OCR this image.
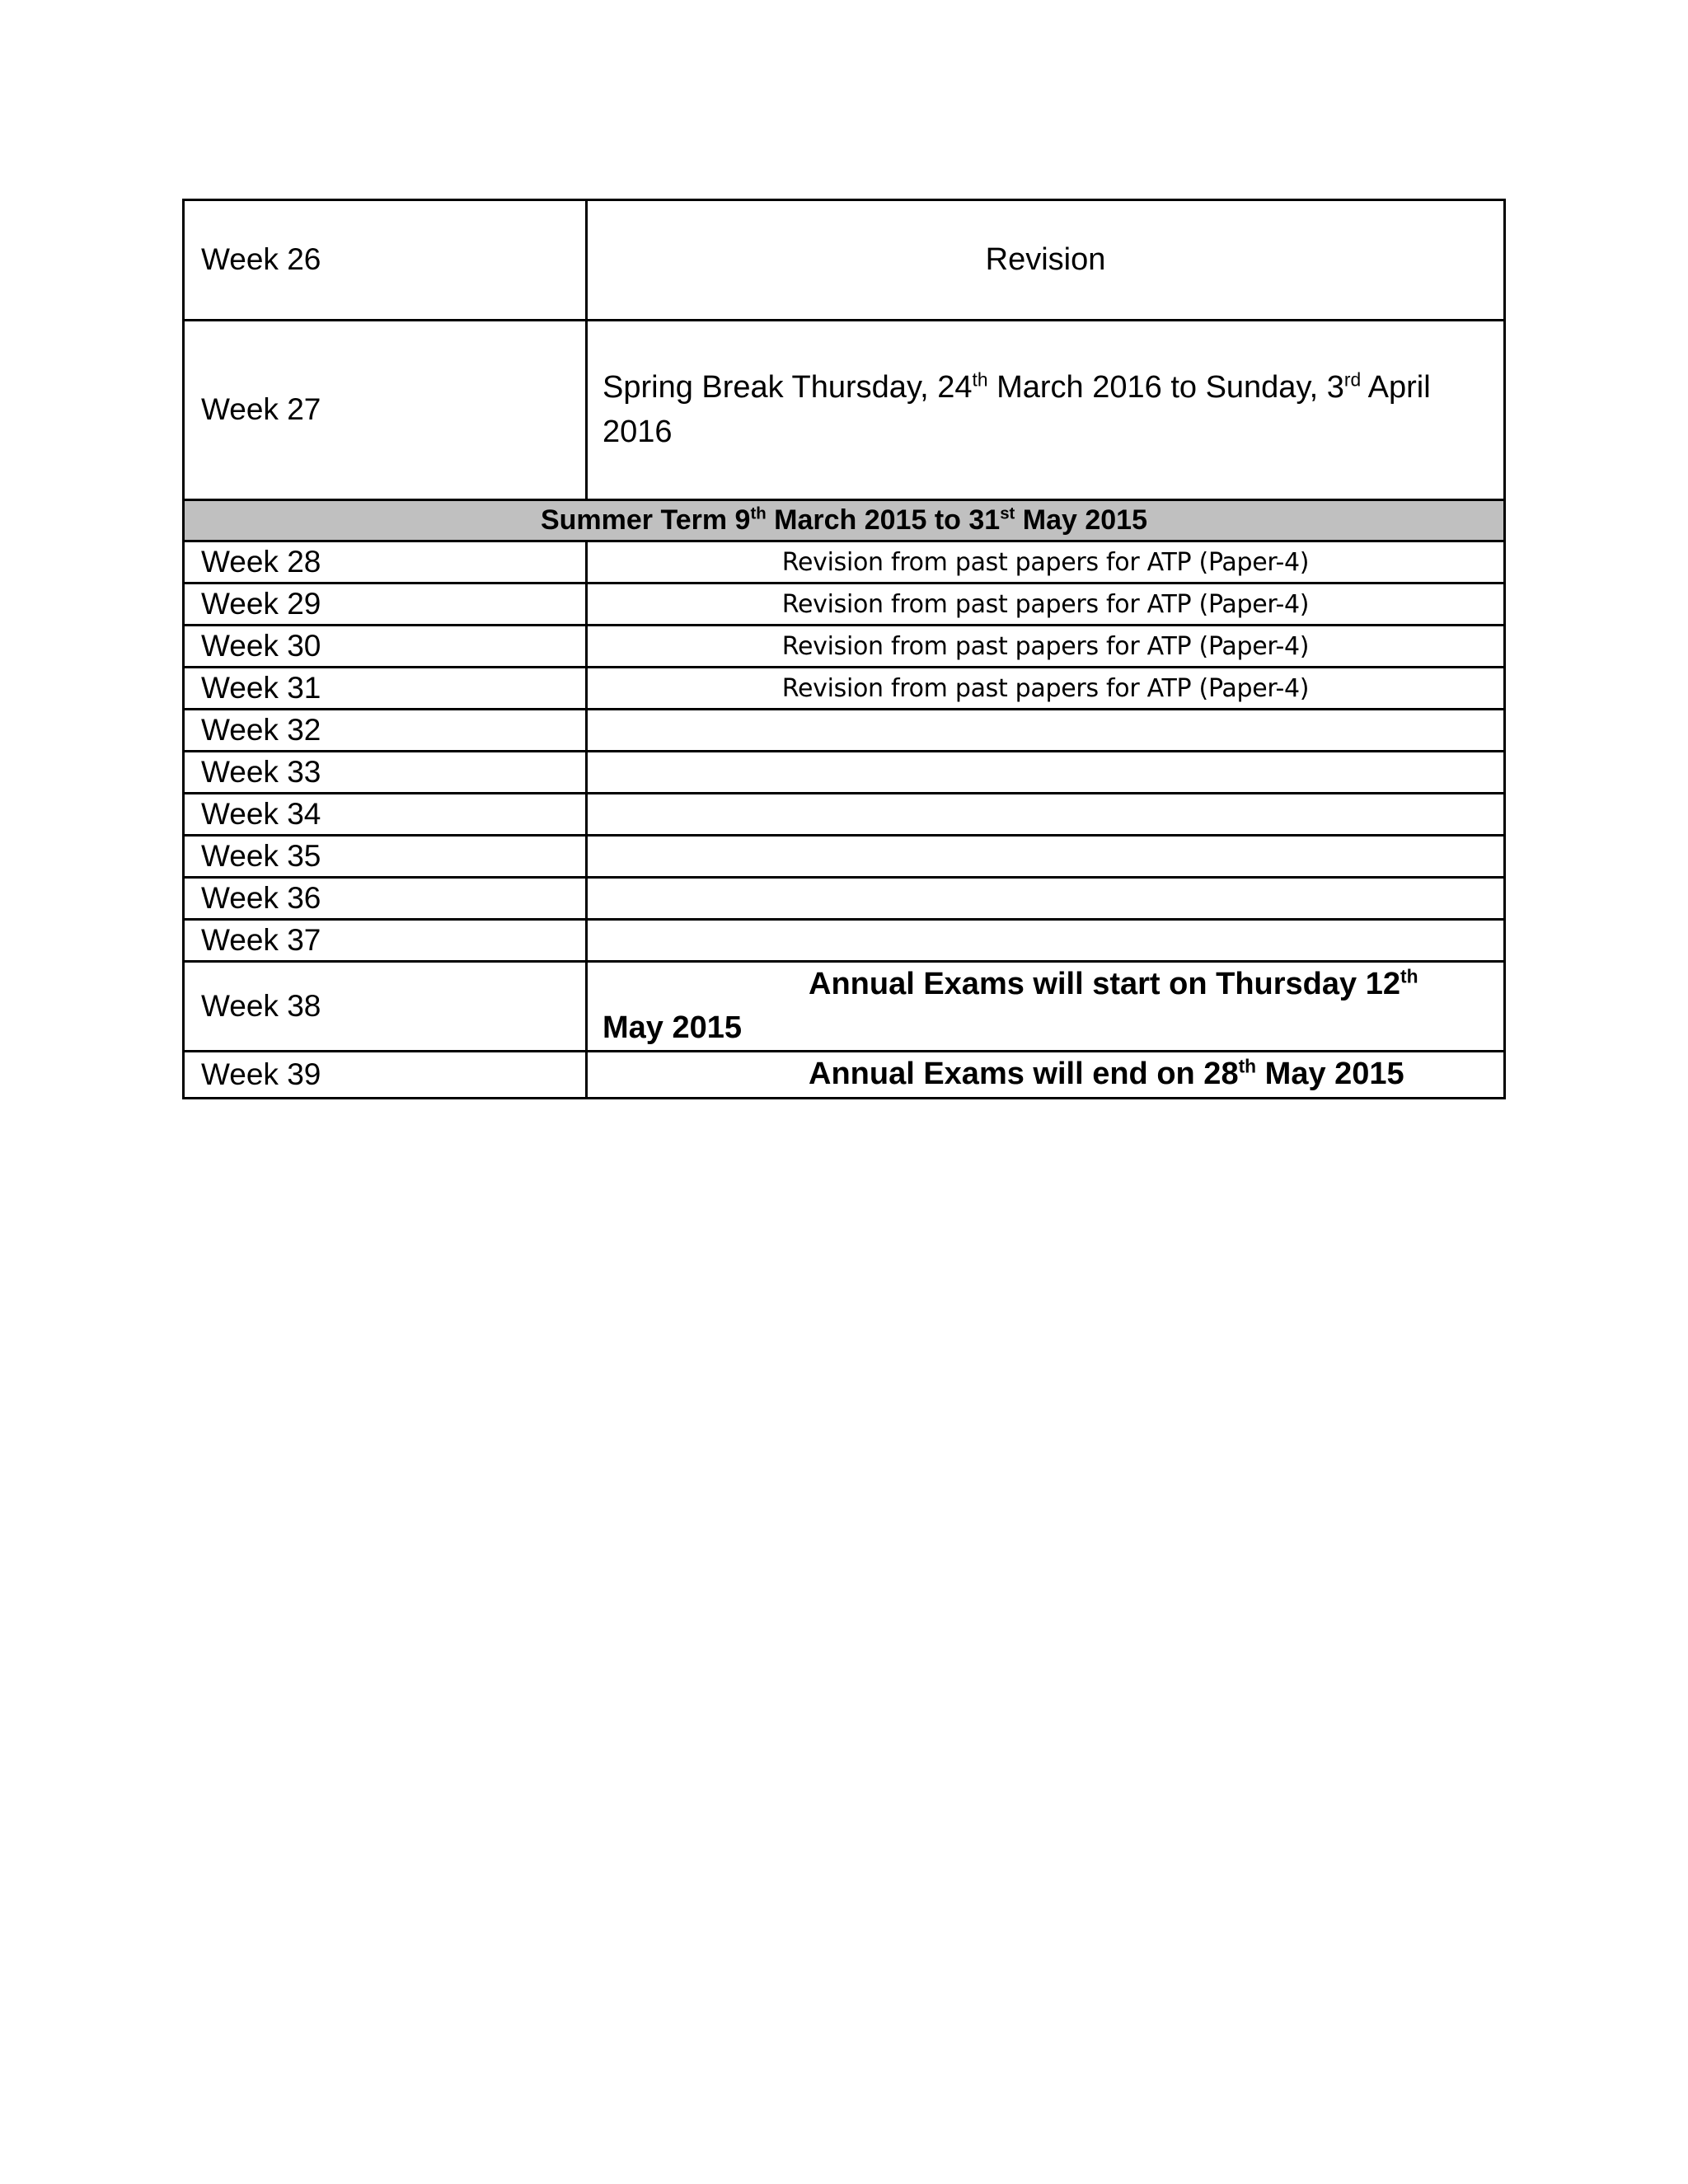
Week 26	Revision
Week 27	Spring Break Thursday, 24th March 2016 to Sunday, 3rd April 2016
Summer Term 9th March 2015 to 31st May 2015	
Week 28	Revision from past papers for ATP (Paper-4)
Week 29	Revision from past papers for ATP (Paper-4)
Week 30	Revision from past papers for ATP (Paper-4)
Week 31	Revision from past papers for ATP (Paper-4)
Week 32	
Week 33	
Week 34	
Week 35	
Week 36	
Week 37	
Week 38	Annual Exams will start on Thursday 12th
May 2015
Week 39	Annual Exams will end on 28th May 2015
